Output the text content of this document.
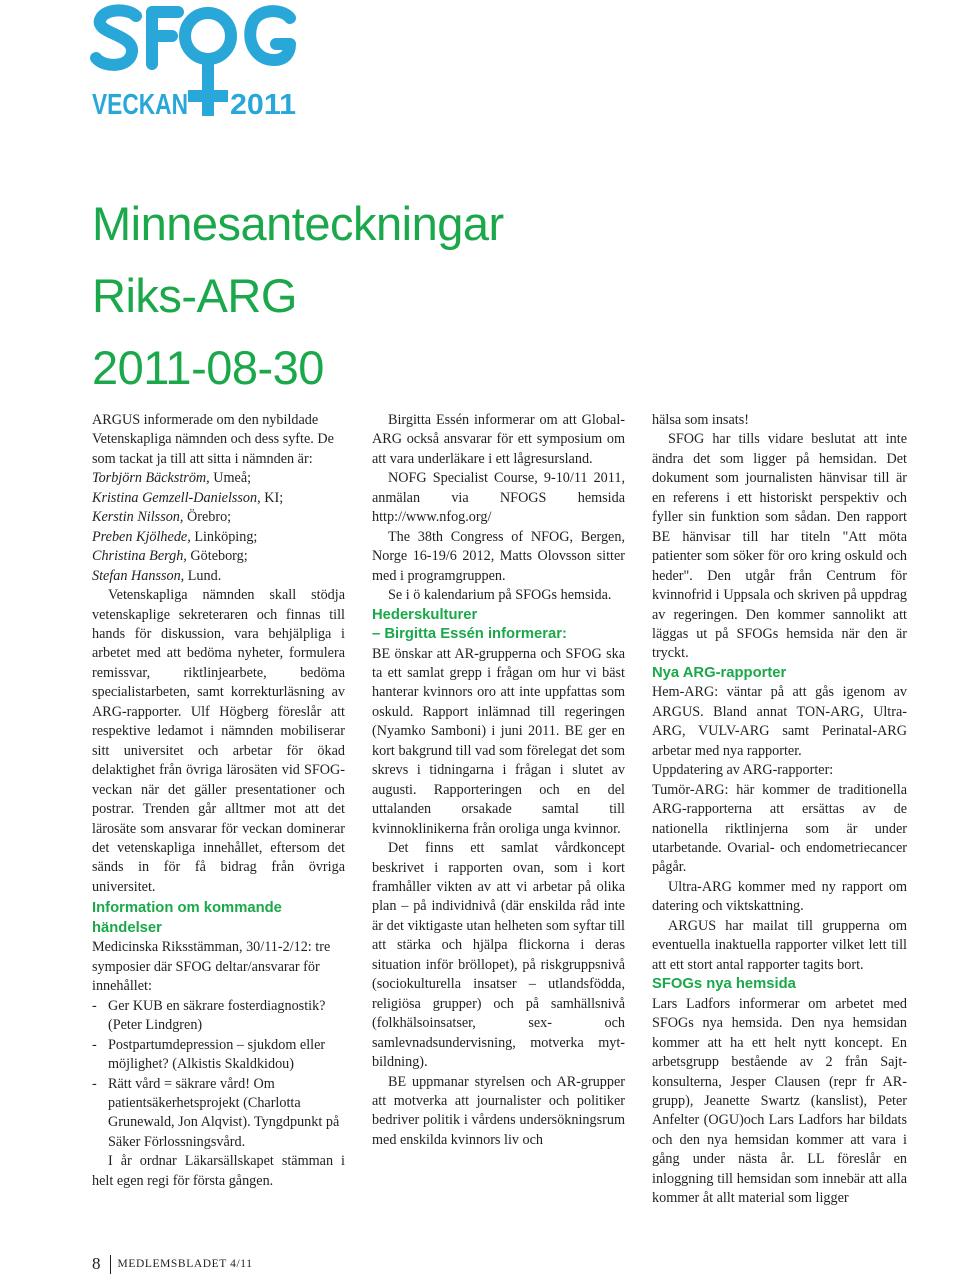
VECKAN 2011
Minnesanteckningar
Riks-ARG
2011-08-30

ARGUS informerade om den nybildade Vetenskapliga nämnden och dess syfte. De som tackat ja till att sitta i nämnden är:

Torbjörn Bäckström, Umeå;

Kristina Gemzell-Danielsson, KI;

Kerstin Nilsson, Örebro;

Preben Kjölhede, Linköping;

Christina Bergh, Göteborg;

Stefan Hansson, Lund.

Vetenskapliga nämnden skall stödja vetenskaplige sekreteraren och finnas till hands för diskussion, vara behjälpliga i arbetet med att bedöma nyheter, formulera remissvar, riktlinjearbete, bedöma specialistarbeten, samt korrekturläsning av ARG-rapporter. Ulf Högberg föreslår att respektive ledamot i nämnden mobiliserar sitt universitet och arbetar för ökad delaktighet från övriga lärosäten vid SFOG-veckan när det gäller presentationer och postrar. Trenden går alltmer mot att det lärosäte som ansvarar för veckan dominerar det vetenskapliga innehållet, eftersom det sänds in för få bidrag från övriga universitet.

Information om kommande händelser

Medicinska Riksstämman, 30/11-2/12: tre symposier där SFOG deltar/ansvarar för innehållet:

- Ger KUB en säkrare fosterdiagnostik? (Peter Lindgren)
- Postpartumdepression – sjukdom eller möjlighet? (Alkistis Skaldkidou)
- Rätt vård = säkrare vård! Om patientsäkerhetsprojekt (Charlotta Grunewald, Jon Alqvist). Tyngdpunkt på Säker Förlossningsvård.

I år ordnar Läkarsällskapet stämman i helt egen regi för första gången.

Birgitta Essén informerar om att Global-ARG också ansvarar för ett symposium om att vara underläkare i ett lågresursland.

NOFG Specialist Course, 9-10/11 2011, anmälan via NFOGS hemsida http://www.nfog.org/

The 38th Congress of NFOG, Bergen, Norge 16-19/6 2012, Matts Olovsson sitter med i programgruppen.

Se i ö kalendarium på SFOGs hemsida.

Hederskulturer
– Birgitta Essén informerar:

BE önskar att AR-grupperna och SFOG ska ta ett samlat grepp i frågan om hur vi bäst hanterar kvinnors oro att inte uppfattas som oskuld. Rapport inlämnad till regeringen (Nyamko Samboni) i juni 2011. BE ger en kort bakgrund till vad som förelegat det som skrevs i tidningarna i frågan i slutet av augusti. Rapporteringen och en del uttalanden orsakade samtal till kvinnoklinikerna från oroliga unga kvinnor.

Det finns ett samlat vårdkoncept beskrivet i rapporten ovan, som i kort framhåller vikten av att vi arbetar på olika plan – på individnivå (där enskilda råd inte är det viktigaste utan helheten som syftar till att stärka och hjälpa flickorna i deras situation inför bröllopet), på riskgruppsnivå (sociokulturella insatser – utlandsfödda, religiösa grupper) och på samhällsnivå (folkhälsoinsatser, sex- och samlevnadsundervisning, motverka myt-bildning).

BE uppmanar styrelsen och AR-grupper att motverka att journalister och politiker bedriver politik i vårdens undersökningsrum med enskilda kvinnors liv och

hälsa som insats!

SFOG har tills vidare beslutat att inte ändra det som ligger på hemsidan. Det dokument som journalisten hänvisar till är en referens i ett historiskt perspektiv och fyller sin funktion som sådan. Den rapport BE hänvisar till har titeln "Att möta patienter som söker för oro kring oskuld och heder". Den utgår från Centrum för kvinnofrid i Uppsala och skriven på uppdrag av regeringen. Den kommer sannolikt att läggas ut på SFOGs hemsida när den är tryckt.

Nya ARG-rapporter

Hem-ARG: väntar på att gås igenom av ARGUS. Bland annat TON-ARG, Ultra-ARG, VULV-ARG samt Perinatal-ARG arbetar med nya rapporter.

Uppdatering av ARG-rapporter:

Tumör-ARG: här kommer de traditionella ARG-rapporterna att ersättas av de nationella riktlinjerna som är under utarbetande. Ovarial- och endometriecancer pågår.

Ultra-ARG kommer med ny rapport om datering och viktskattning.

ARGUS har mailat till grupperna om eventuella inaktuella rapporter vilket lett till att ett stort antal rapporter tagits bort.

SFOGs nya hemsida

Lars Ladfors informerar om arbetet med SFOGs nya hemsida. Den nya hemsidan kommer att ha ett helt nytt koncept. En arbetsgrupp bestående av 2 från Sajt-konsulterna, Jesper Clausen (repr fr AR-grupp), Jeanette Swartz (kanslist), Peter Anfelter (OGU)och Lars Ladfors har bildats och den nya hemsidan kommer att vara i gång under nästa år. LL föreslår en inloggning till hemsidan som innebär att alla kommer åt allt material som ligger

8 MEDLEMSBLADET 4/11
